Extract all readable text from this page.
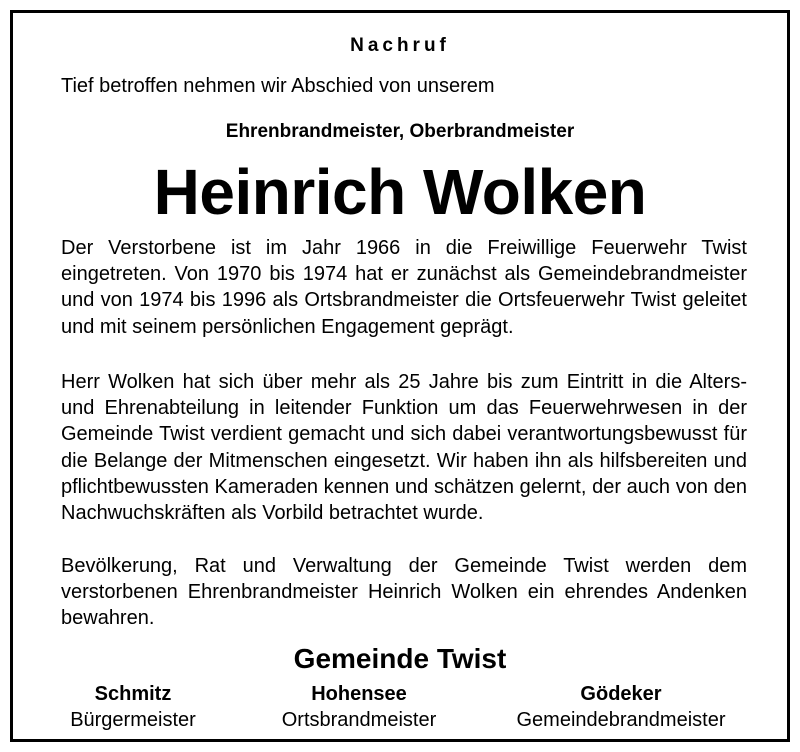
Nachruf
Tief betroffen nehmen wir Abschied von unserem
Ehrenbrandmeister, Oberbrandmeister
Heinrich Wolken
Der Verstorbene ist im Jahr 1966 in die Freiwillige Feuerwehr Twist eingetreten. Von 1970 bis 1974 hat er zunächst als Gemeindebrandmeister und von 1974 bis 1996 als Ortsbrandmeister die Ortsfeuerwehr Twist geleitet und mit seinem persönlichen Engagement geprägt.
Herr Wolken hat sich über mehr als 25 Jahre bis zum Eintritt in die Alters- und Ehrenabteilung in leitender Funktion um das Feuerwehrwesen in der Gemeinde Twist verdient gemacht und sich dabei verantwortungsbewusst für die Belange der Mitmenschen eingesetzt. Wir haben ihn als hilfsbereiten und pflichtbewussten Kameraden kennen und schätzen gelernt, der auch von den Nachwuchskräften als Vorbild betrachtet wurde.
Bevölkerung, Rat und Verwaltung der Gemeinde Twist werden dem verstorbenen Ehrenbrandmeister Heinrich Wolken ein ehrendes Andenken bewahren.
Gemeinde Twist
Schmitz
Bürgermeister
Hohensee
Ortsbrandmeister
Gödeker
Gemeindebrandmeister
